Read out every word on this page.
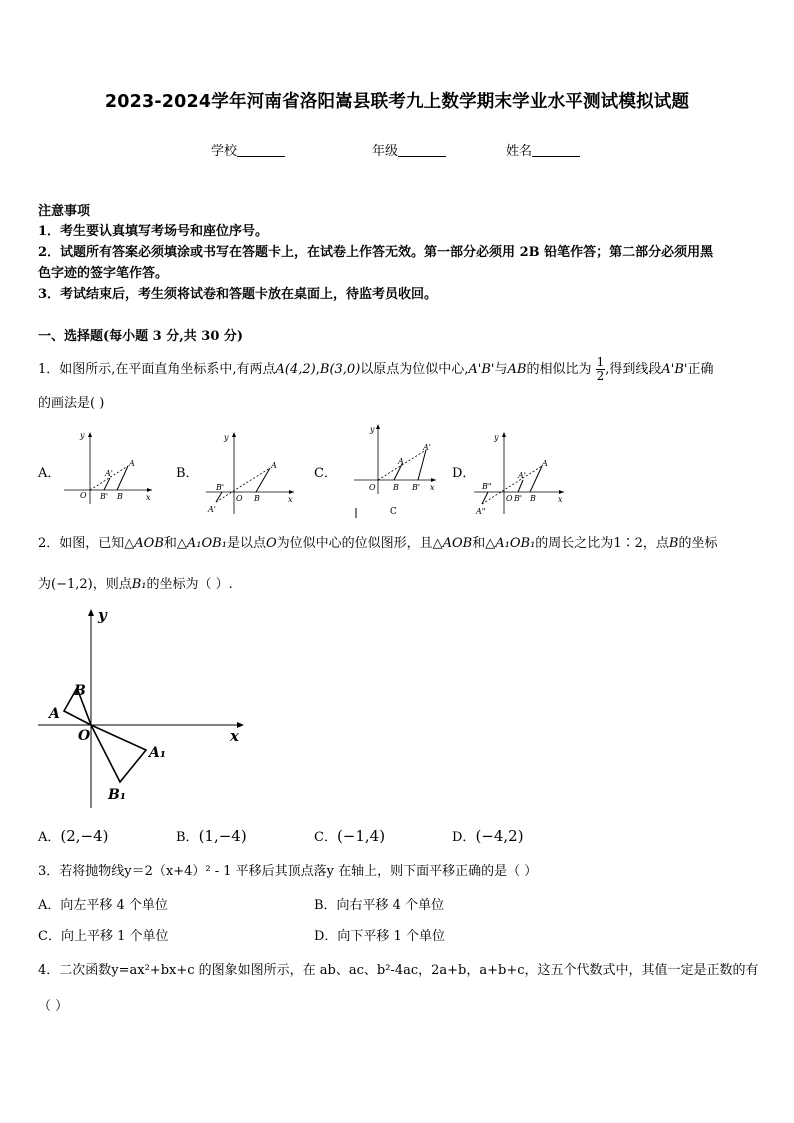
2023-2024学年河南省洛阳嵩县联考九上数学期末学业水平测试模拟试题
学校	年级	姓名
注意事项
1．考生要认真填写考场号和座位序号。
2．试题所有答案必须填涂或书写在答题卡上，在试卷上作答无效。第一部分必须用 2B 铅笔作答；第二部分必须用黑
色字迹的签字笔作答。
3．考试结束后，考生须将试卷和答题卡放在桌面上，待监考员收回。
一、选择题(每小题 3 分,共 30 分)
1．如图所示,在平面直角坐标系中,有两点A(4,2),B(3,0)以原点为位似中心,A'B'与AB的相似比为 $\frac{1}{2}$ ,得到线段A'B'正确
的画法是( )
A．	B．	C．	D．
y
x
O
A
B
A'
B'
y
x
O
A
B
B'
A'
y
x
O
A
B
A'
B'
C
y
x
O
A
B
A'
B'
B"
A"
2．如图，已知△AOB和△A₁OB₁是以点O为位似中心的位似图形，且△AOB和△A₁OB₁的周长之比为1∶2，点B的坐标
为(−1,2)，则点B₁的坐标为（ ）.
y
x
O
A
B
A₁
B₁
A．(2,−4)	B．(1,−4)	C．(−1,4)	D．(−4,2)
3．若将抛物线y＝2（x+4）² - 1 平移后其顶点落y 在轴上，则下面平移正确的是（ ）
A．向左平移 4 个单位	B．向右平移 4 个单位
C．向上平移 1 个单位	D．向下平移 1 个单位
4．二次函数y=ax²+bx+c 的图象如图所示，在 ab、ac、b²-4ac，2a+b，a+b+c，这五个代数式中，其值一定是正数的有
（ ）
